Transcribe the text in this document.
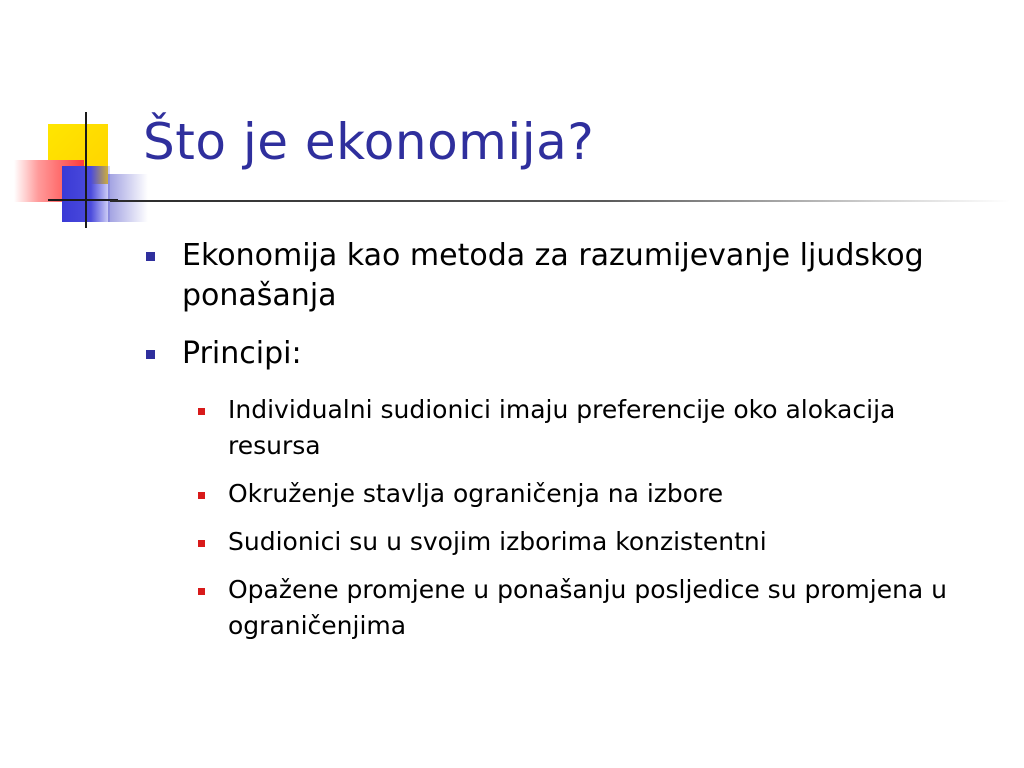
Što je ekonomija?
Ekonomija kao metoda za razumijevanje ljudskog ponašanja
Principi:
Individualni sudionici imaju preferencije oko alokacija resursa
Okruženje stavlja ograničenja na izbore
Sudionici su u svojim izborima konzistentni
Opažene promjene u ponašanju posljedice su promjena u ograničenjima
